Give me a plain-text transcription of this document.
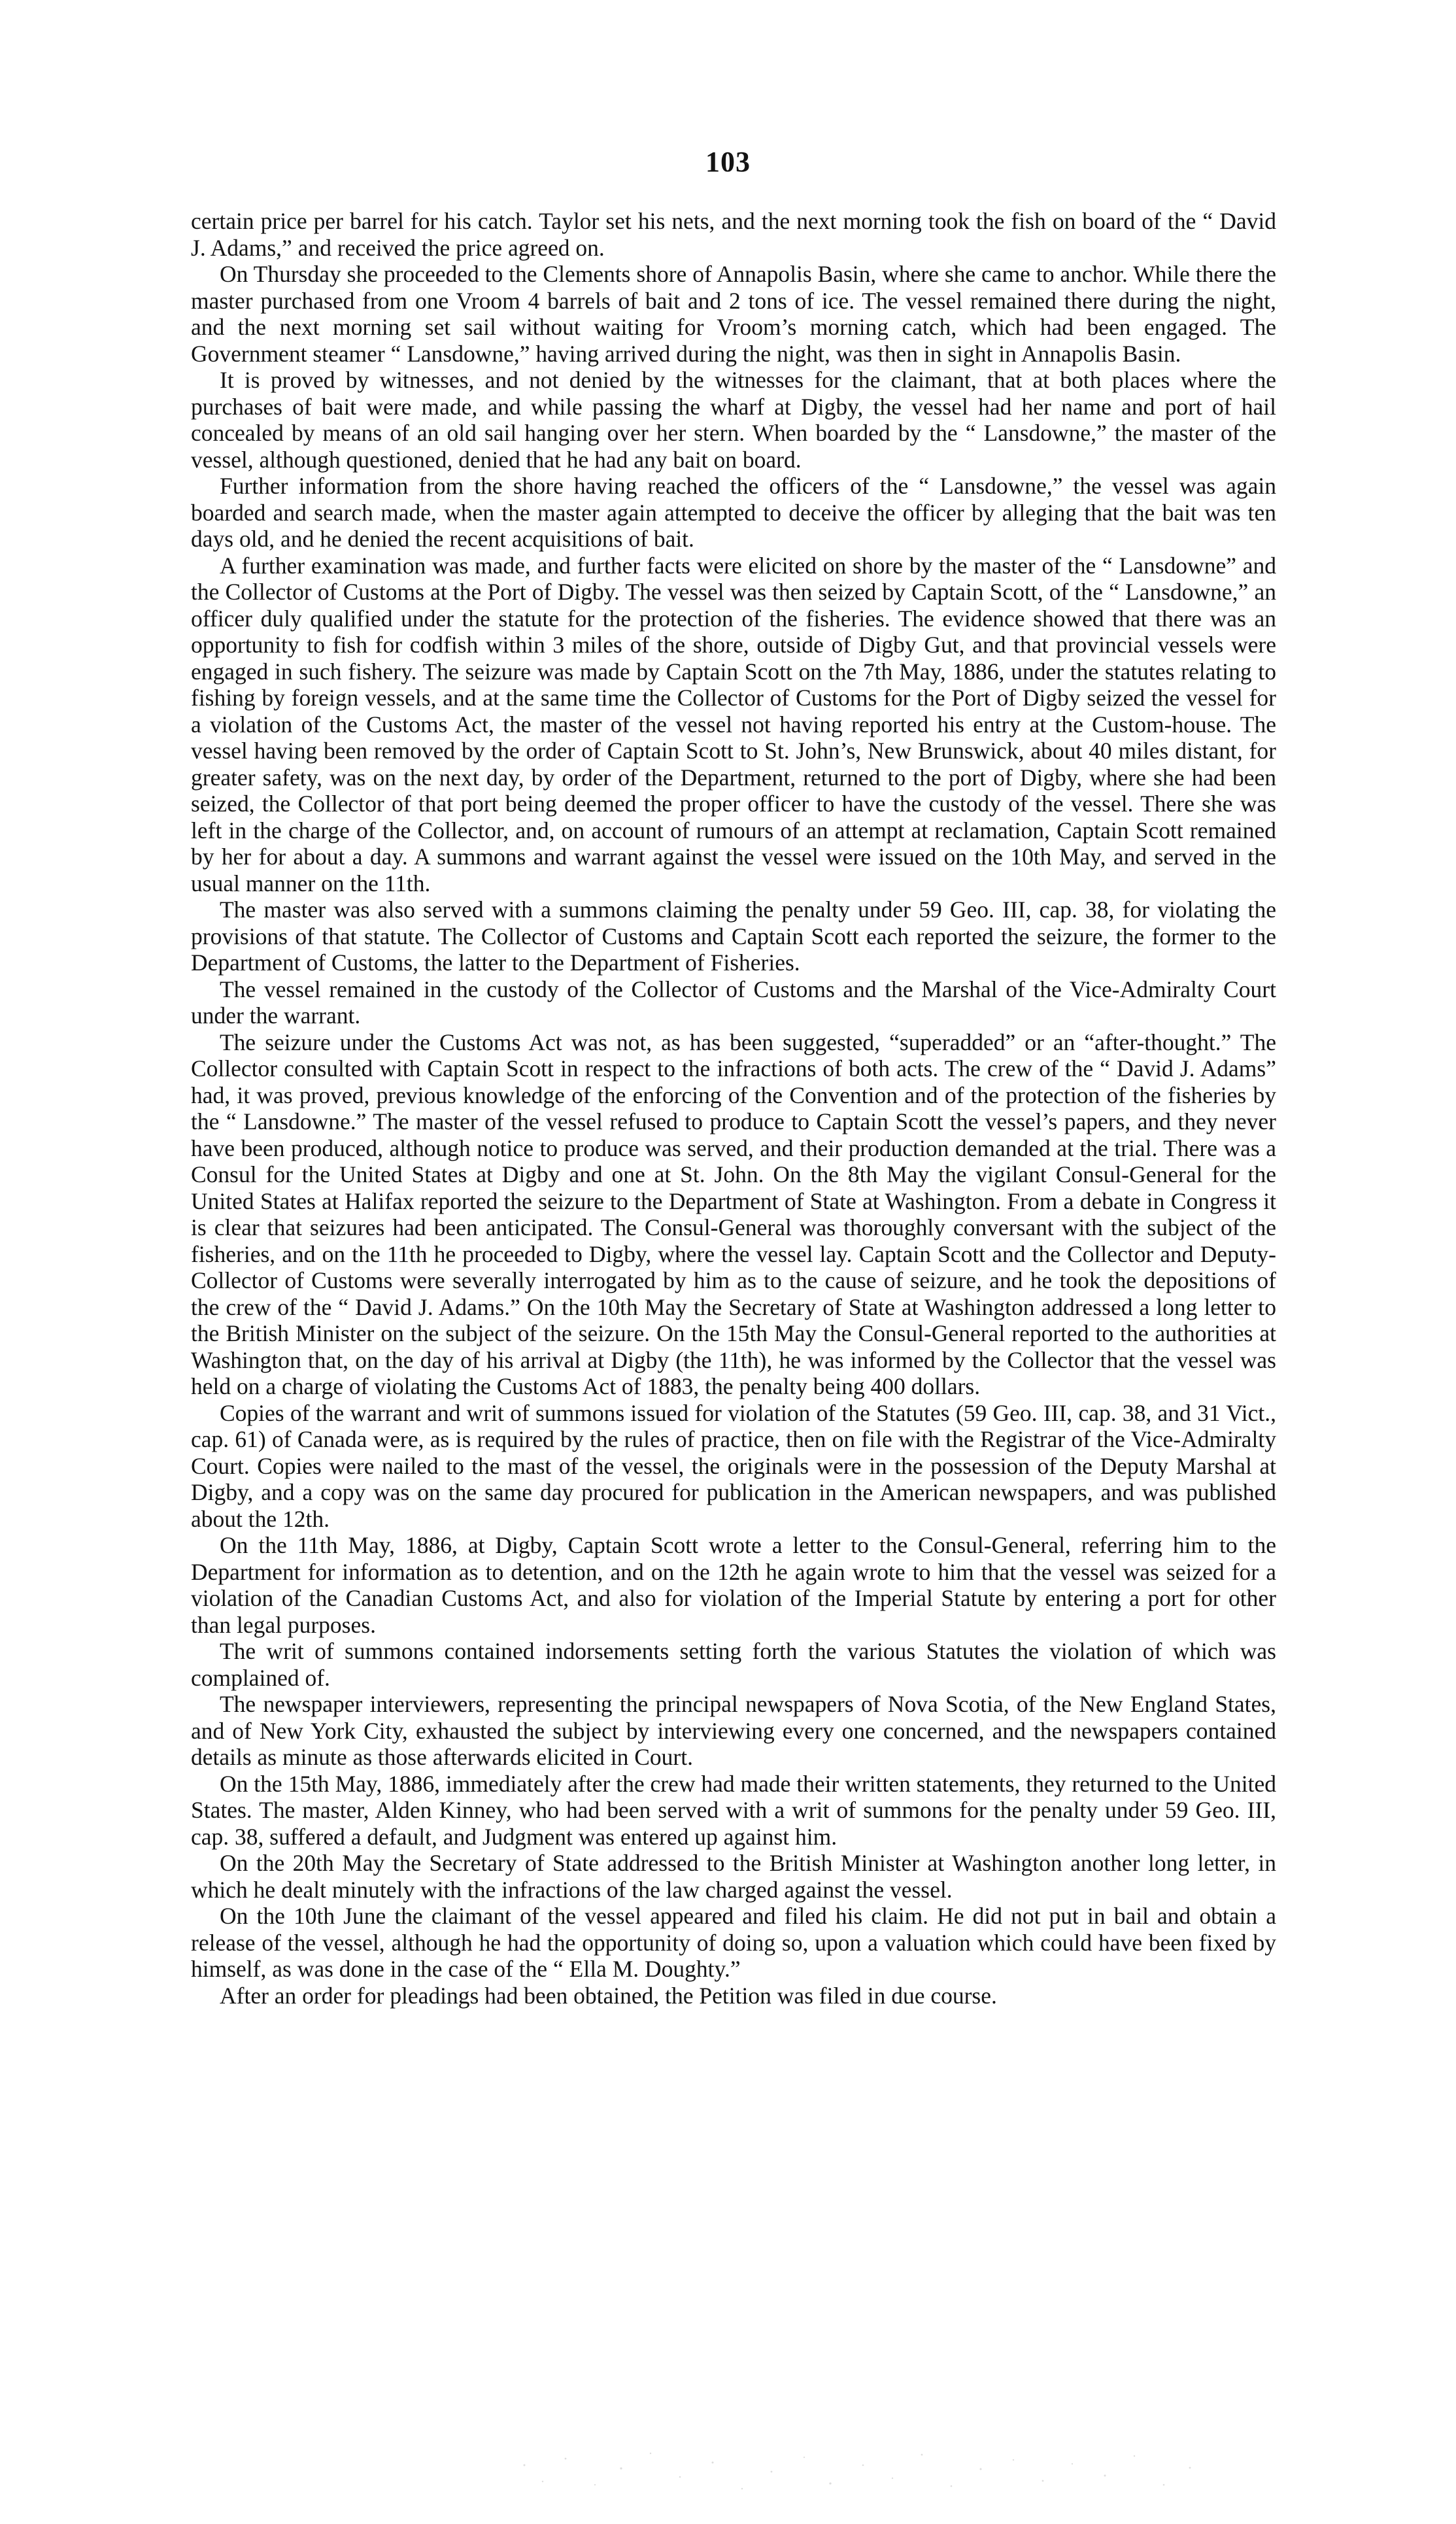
103

certain price per barrel for his catch. Taylor set his nets, and the next morning took the fish on board of the “ David J. Adams,” and received the price agreed on.

On Thursday she proceeded to the Clements shore of Annapolis Basin, where she came to anchor. While there the master purchased from one Vroom 4 barrels of bait and 2 tons of ice. The vessel remained there during the night, and the next morning set sail without waiting for Vroom’s morning catch, which had been engaged. The Government steamer “ Lansdowne,” having arrived during the night, was then in sight in Annapolis Basin.

It is proved by witnesses, and not denied by the witnesses for the claimant, that at both places where the purchases of bait were made, and while passing the wharf at Digby, the vessel had her name and port of hail concealed by means of an old sail hanging over her stern. When boarded by the “ Lansdowne,” the master of the vessel, although questioned, denied that he had any bait on board.

Further information from the shore having reached the officers of the “ Lansdowne,” the vessel was again boarded and search made, when the master again attempted to deceive the officer by alleging that the bait was ten days old, and he denied the recent acquisitions of bait.

A further examination was made, and further facts were elicited on shore by the master of the “ Lansdowne” and the Collector of Customs at the Port of Digby. The vessel was then seized by Captain Scott, of the “ Lansdowne,” an officer duly qualified under the statute for the protection of the fisheries. The evidence showed that there was an opportunity to fish for codfish within 3 miles of the shore, outside of Digby Gut, and that provincial vessels were engaged in such fishery. The seizure was made by Captain Scott on the 7th May, 1886, under the statutes relating to fishing by foreign vessels, and at the same time the Collector of Customs for the Port of Digby seized the vessel for a violation of the Customs Act, the master of the vessel not having reported his entry at the Custom-house. The vessel having been removed by the order of Captain Scott to St. John’s, New Brunswick, about 40 miles distant, for greater safety, was on the next day, by order of the Department, returned to the port of Digby, where she had been seized, the Collector of that port being deemed the proper officer to have the custody of the vessel. There she was left in the charge of the Collector, and, on account of rumours of an attempt at reclamation, Captain Scott remained by her for about a day. A summons and warrant against the vessel were issued on the 10th May, and served in the usual manner on the 11th.

The master was also served with a summons claiming the penalty under 59 Geo. III, cap. 38, for violating the provisions of that statute. The Collector of Customs and Captain Scott each reported the seizure, the former to the Department of Customs, the latter to the Department of Fisheries.

The vessel remained in the custody of the Collector of Customs and the Marshal of the Vice-Admiralty Court under the warrant.

The seizure under the Customs Act was not, as has been suggested, “superadded” or an “after-thought.” The Collector consulted with Captain Scott in respect to the infractions of both acts. The crew of the “ David J. Adams” had, it was proved, previous knowledge of the enforcing of the Convention and of the protection of the fisheries by the “ Lansdowne.” The master of the vessel refused to produce to Captain Scott the vessel’s papers, and they never have been produced, although notice to produce was served, and their production demanded at the trial. There was a Consul for the United States at Digby and one at St. John. On the 8th May the vigilant Consul-General for the United States at Halifax reported the seizure to the Department of State at Washington. From a debate in Congress it is clear that seizures had been anticipated. The Consul-General was thoroughly conversant with the subject of the fisheries, and on the 11th he proceeded to Digby, where the vessel lay. Captain Scott and the Collector and Deputy-Collector of Customs were severally interrogated by him as to the cause of seizure, and he took the depositions of the crew of the “ David J. Adams.” On the 10th May the Secretary of State at Washington addressed a long letter to the British Minister on the subject of the seizure. On the 15th May the Consul-General reported to the authorities at Washington that, on the day of his arrival at Digby (the 11th), he was informed by the Collector that the vessel was held on a charge of violating the Customs Act of 1883, the penalty being 400 dollars.

Copies of the warrant and writ of summons issued for violation of the Statutes (59 Geo. III, cap. 38, and 31 Vict., cap. 61) of Canada were, as is required by the rules of practice, then on file with the Registrar of the Vice-Admiralty Court. Copies were nailed to the mast of the vessel, the originals were in the possession of the Deputy Marshal at Digby, and a copy was on the same day procured for publication in the American newspapers, and was published about the 12th.

On the 11th May, 1886, at Digby, Captain Scott wrote a letter to the Consul-General, referring him to the Department for information as to detention, and on the 12th he again wrote to him that the vessel was seized for a violation of the Canadian Customs Act, and also for violation of the Imperial Statute by entering a port for other than legal purposes.

The writ of summons contained indorsements setting forth the various Statutes the violation of which was complained of.

The newspaper interviewers, representing the principal newspapers of Nova Scotia, of the New England States, and of New York City, exhausted the subject by interviewing every one concerned, and the newspapers contained details as minute as those afterwards elicited in Court.

On the 15th May, 1886, immediately after the crew had made their written statements, they returned to the United States. The master, Alden Kinney, who had been served with a writ of summons for the penalty under 59 Geo. III, cap. 38, suffered a default, and Judgment was entered up against him.

On the 20th May the Secretary of State addressed to the British Minister at Washington another long letter, in which he dealt minutely with the infractions of the law charged against the vessel.

On the 10th June the claimant of the vessel appeared and filed his claim. He did not put in bail and obtain a release of the vessel, although he had the opportunity of doing so, upon a valuation which could have been fixed by himself, as was done in the case of the “ Ella M. Doughty.”

After an order for pleadings had been obtained, the Petition was filed in due course.
